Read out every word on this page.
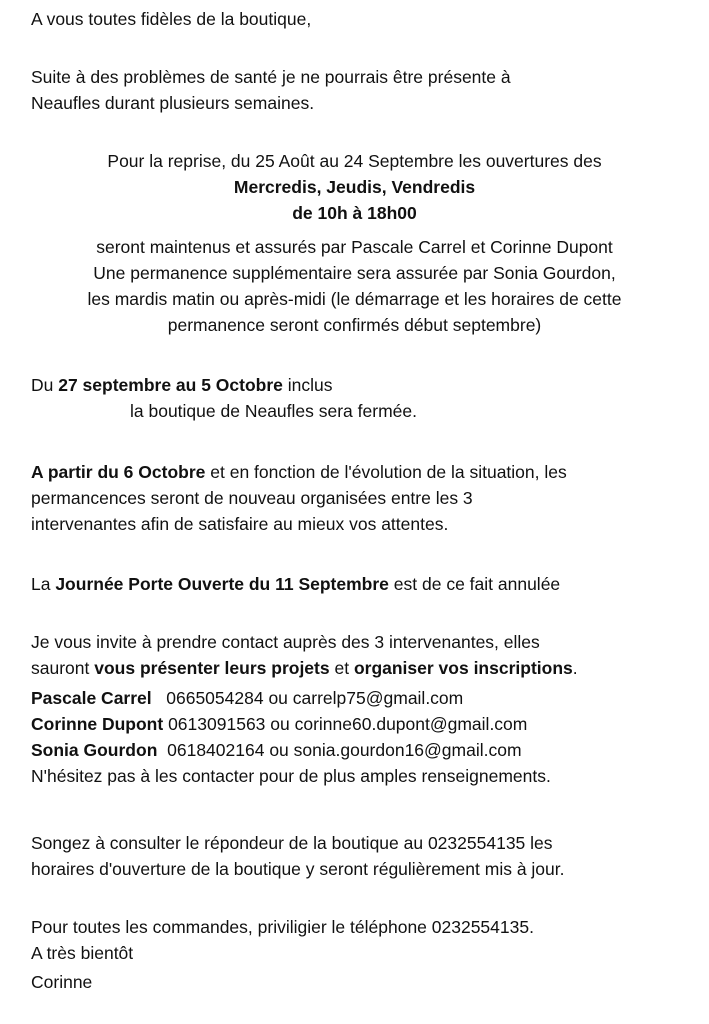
A vous toutes fidèles de la boutique,

Suite à des problèmes de santé je ne pourrais être présente à

Neaufles durant plusieurs semaines.

Pour la reprise, du 25 Août au 24 Septembre les ouvertures des

Mercredis, Jeudis, Vendredis

de 10h à 18h00

seront maintenus et assurés par Pascale Carrel et Corinne Dupont

Une permanence supplémentaire sera assurée par Sonia Gourdon,

les mardis matin ou après-midi (le démarrage et les horaires de cette

permanence seront confirmés début septembre)

Du 27 septembre au 5 Octobre inclus

la boutique de Neaufles sera fermée.

A partir du 6 Octobre et en fonction de l'évolution de la situation, les

permancences seront de nouveau organisées entre les 3

intervenantes afin de satisfaire au mieux vos attentes.

La Journée Porte Ouverte du 11 Septembre est de ce fait annulée

Je vous invite à prendre contact auprès des 3 intervenantes, elles

sauront vous présenter leurs projets et organiser vos inscriptions.

Pascale Carrel 0665054284 ou carrelp75@gmail.com

Corinne Dupont 0613091563 ou corinne60.dupont@gmail.com

Sonia Gourdon 0618402164 ou sonia.gourdon16@gmail.com

N'hésitez pas à les contacter pour de plus amples renseignements.

Songez à consulter le répondeur de la boutique au 0232554135 les

horaires d'ouverture de la boutique y seront régulièrement mis à jour.

Pour toutes les commandes, priviligier le téléphone 0232554135.

A très bientôt

Corinne
